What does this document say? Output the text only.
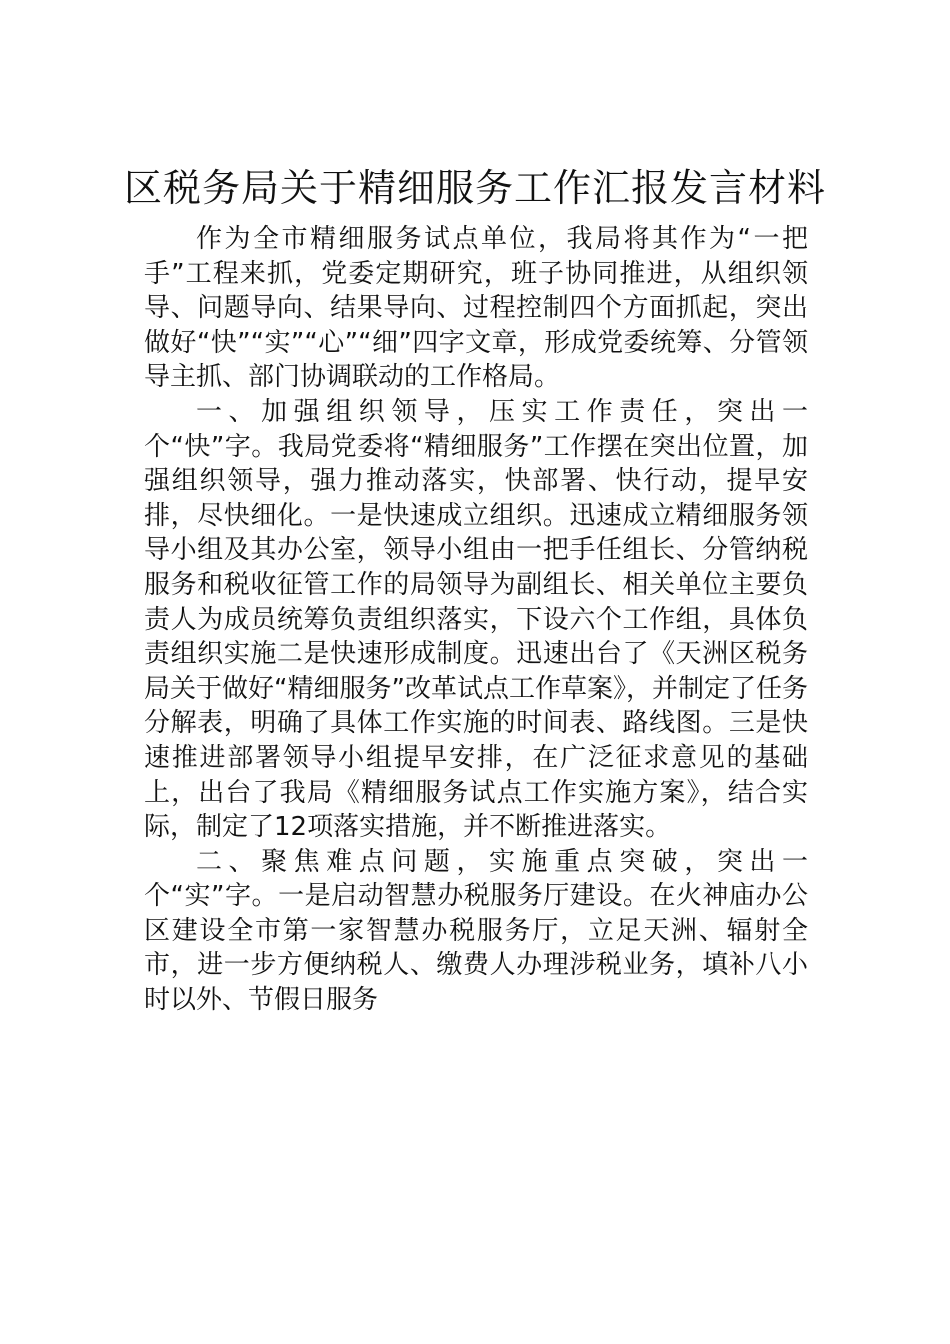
区税务局关于精细服务工作汇报发言材料

作为全市精细服务试点单位，我局将其作为“一把手”工程来抓，党委定期研究，班子协同推进，从组织领导、问题导向、结果导向、过程控制四个方面抓起，突出做好“快”“实”“心”“细”四字文章，形成党委统筹、分管领导主抓、部门协调联动的工作格局。

一、加强组织领导，压实工作责任，突出一个“快”字。我局党委将“精细服务”工作摆在突出位置，加强组织领导，强力推动落实，快部署、快行动，提早安排，尽快细化。一是快速成立组织。迅速成立精细服务领导小组及其办公室，领导小组由一把手任组长、分管纳税服务和税收征管工作的局领导为副组长、相关单位主要负责人为成员统筹负责组织落实，下设六个工作组，具体负责组织实施二是快速形成制度。迅速出台了《天洲区税务局关于做好“精细服务”改革试点工作草案》，并制定了任务分解表，明确了具体工作实施的时间表、路线图。三是快速推进部署领导小组提早安排，在广泛征求意见的基础上，出台了我局《精细服务试点工作实施方案》，结合实际，制定了12项落实措施，并不断推进落实。

二、聚焦难点问题，实施重点突破，突出一个“实”字。一是启动智慧办税服务厅建设。在火神庙办公区建设全市第一家智慧办税服务厅，立足天洲、辐射全市，进一步方便纳税人、缴费人办理涉税业务，填补八小时以外、节假日服务
